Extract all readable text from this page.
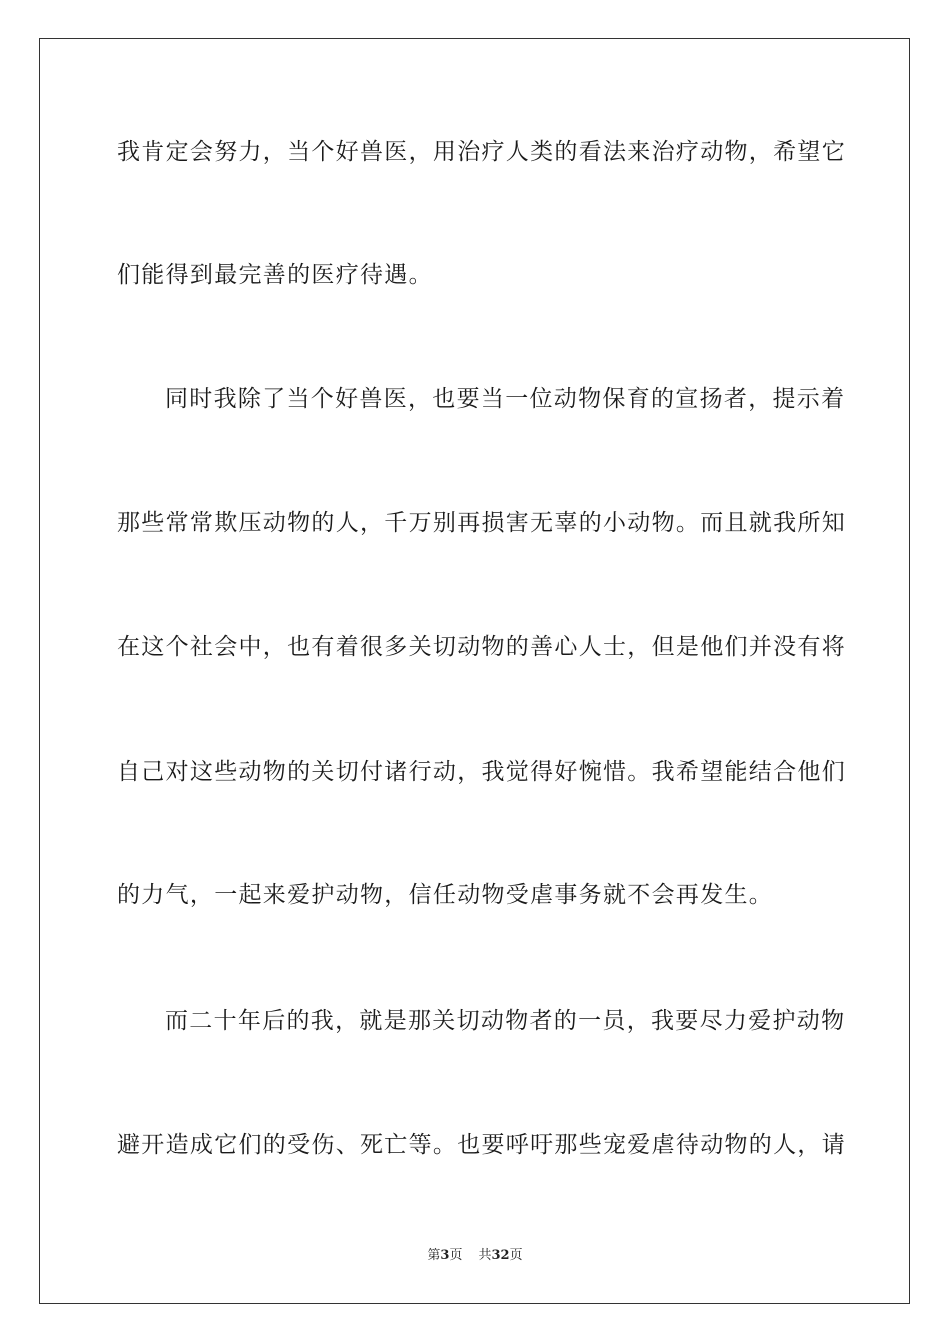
我肯定会努力，当个好兽医，用治疗人类的看法来治疗动物，希望它
们能得到最完善的医疗待遇。
同时我除了当个好兽医，也要当一位动物保育的宣扬者，提示着
那些常常欺压动物的人，千万别再损害无辜的小动物。而且就我所知
在这个社会中，也有着很多关切动物的善心人士，但是他们并没有将
自己对这些动物的关切付诸行动，我觉得好惋惜。我希望能结合他们
的力气，一起来爱护动物，信任动物受虐事务就不会再发生。
而二十年后的我，就是那关切动物者的一员，我要尽力爱护动物
避开造成它们的受伤、死亡等。也要呼吁那些宠爱虐待动物的人，请
第3页 共32页
